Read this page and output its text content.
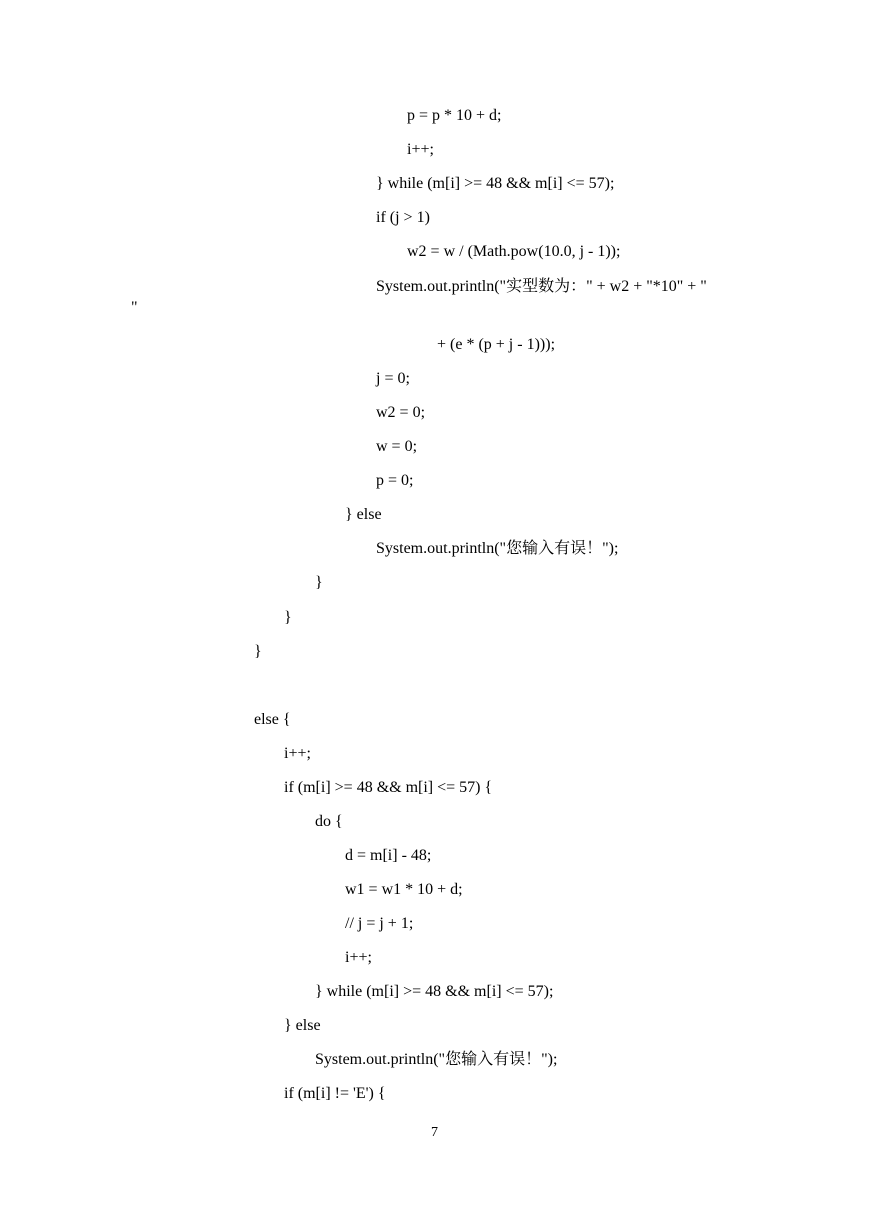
p = p * 10 + d;
i++;
} while (m[i] >= 48 && m[i] <= 57);
if (j > 1)
w2 = w / (Math.pow(10.0, j - 1));
System.out.println("实型数为：" + w2 + "*10" + "
"
+ (e * (p + j - 1)));
j = 0;
w2 = 0;
w = 0;
p = 0;
} else
System.out.println("您输入有误！");
}
}
}
else {
i++;
if (m[i] >= 48 && m[i] <= 57) {
do {
d = m[i] - 48;
w1 = w1 * 10 + d;
// j = j + 1;
i++;
} while (m[i] >= 48 && m[i] <= 57);
} else
System.out.println("您输入有误！");
if (m[i] != 'E') {
7
